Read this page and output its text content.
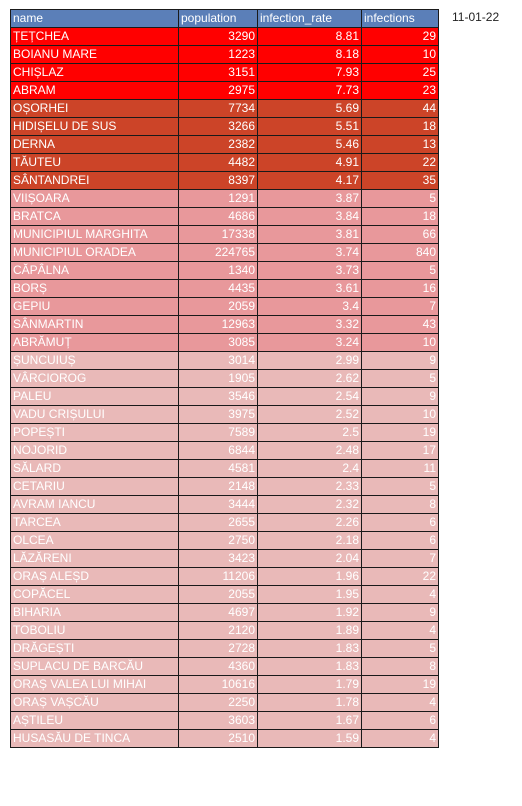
name	population	infection_rate	infections
ȚEȚCHEA	3290	8.81	29
BOIANU MARE	1223	8.18	10
CHIȘLAZ	3151	7.93	25
ABRAM	2975	7.73	23
OȘORHEI	7734	5.69	44
HIDIȘELU DE SUS	3266	5.51	18
DERNA	2382	5.46	13
TĂUTEU	4482	4.91	22
SÂNTANDREI	8397	4.17	35
VIIȘOARA	1291	3.87	5
BRATCA	4686	3.84	18
MUNICIPIUL MARGHITA	17338	3.81	66
MUNICIPIUL ORADEA	224765	3.74	840
CĂPÂLNA	1340	3.73	5
BORȘ	4435	3.61	16
GEPIU	2059	3.4	7
SÂNMARTIN	12963	3.32	43
ABRĂMUȚ	3085	3.24	10
ȘUNCUIUȘ	3014	2.99	9
VÂRCIOROG	1905	2.62	5
PALEU	3546	2.54	9
VADU CRIȘULUI	3975	2.52	10
POPEȘTI	7589	2.5	19
NOJORID	6844	2.48	17
SĂLARD	4581	2.4	11
CETARIU	2148	2.33	5
AVRAM IANCU	3444	2.32	8
TARCEA	2655	2.26	6
OLCEA	2750	2.18	6
LĂZĂRENI	3423	2.04	7
ORAȘ ALEȘD	11206	1.96	22
COPĂCEL	2055	1.95	4
BIHARIA	4697	1.92	9
TOBOLIU	2120	1.89	4
DRĂGEȘTI	2728	1.83	5
SUPLACU DE BARCĂU	4360	1.83	8
ORAȘ VALEA LUI MIHAI	10616	1.79	19
ORAȘ VAȘCĂU	2250	1.78	4
AȘTILEU	3603	1.67	6
HUSASĂU DE TINCA	2510	1.59	4
11-01-22
